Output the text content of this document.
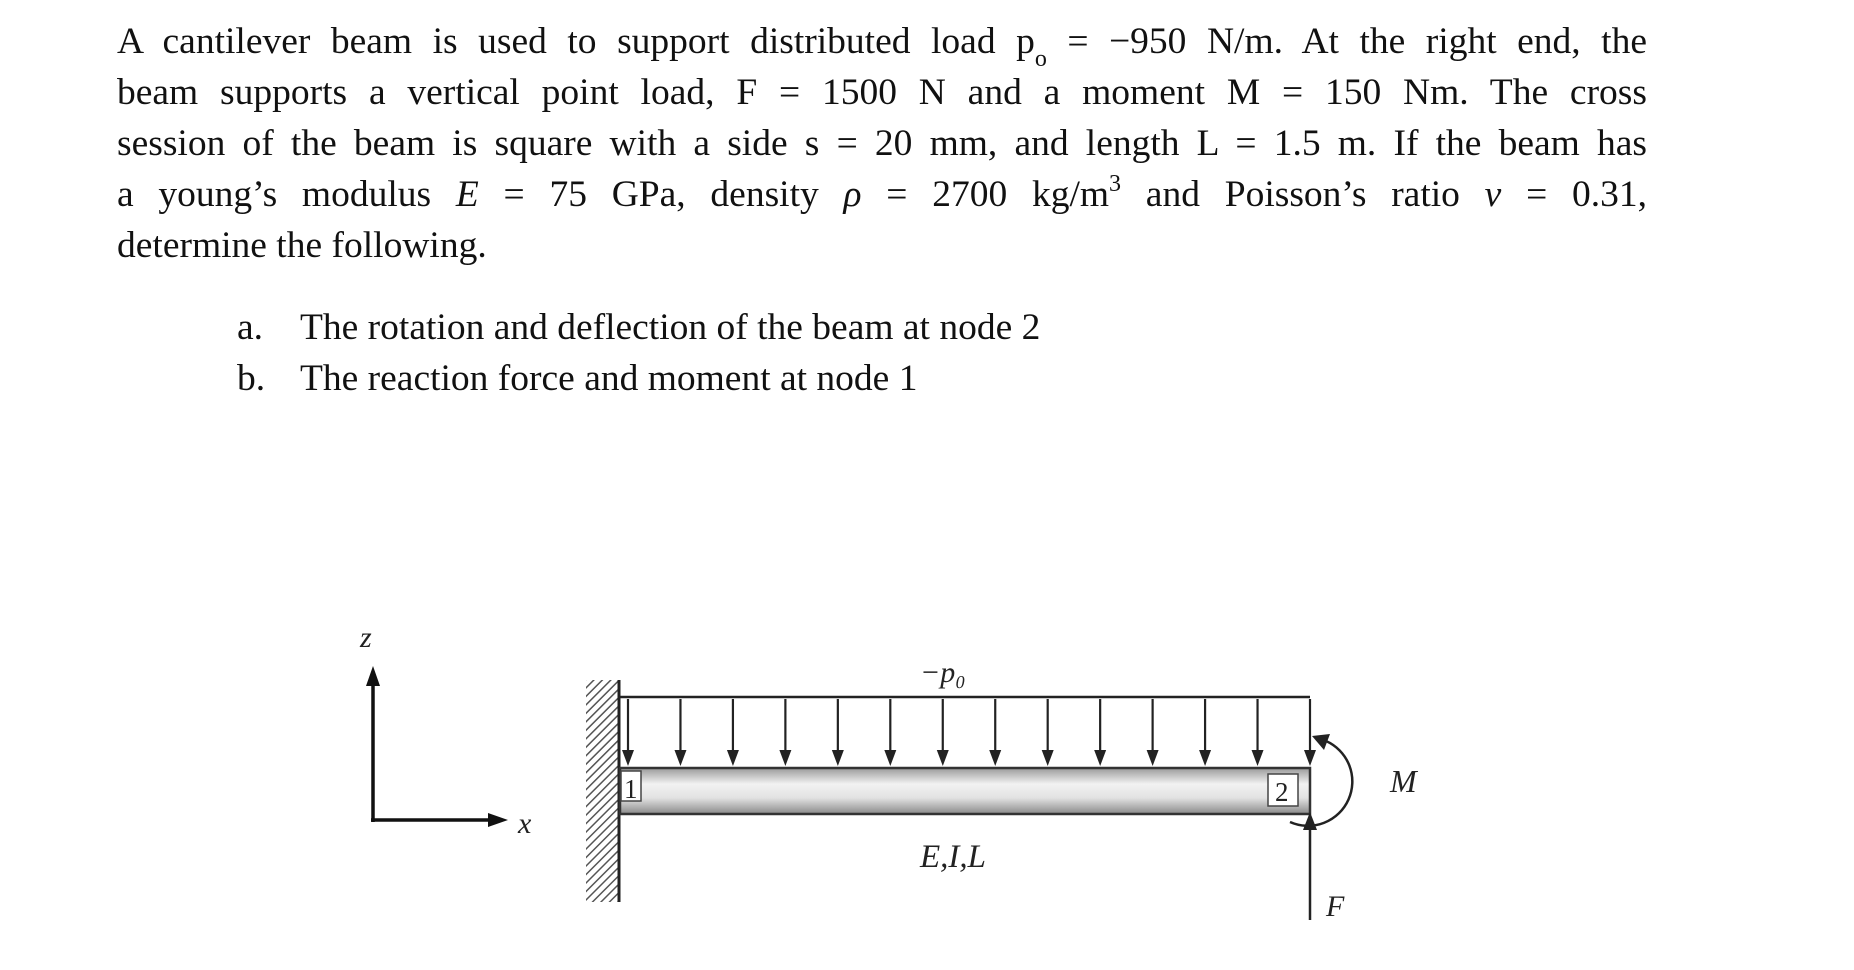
A cantilever beam is used to support distributed load $p_o = -950$ N/m. At the right end, the
beam supports a vertical point load, F = 1500 N and a moment M = 150 Nm. The cross
session of the beam is square with a side s = 20 mm, and length L = 1.5 m. If the beam has
a young’s modulus E = 75 GPa, density ρ = 2700 $kg/m^3$ and Poisson’s ratio v = 0.31,
determine the following.
a. The rotation and deflection of the beam at node 2
b. The reaction force and moment at node 1
z
x
1	2
−p₀
M
F
E,I,L
